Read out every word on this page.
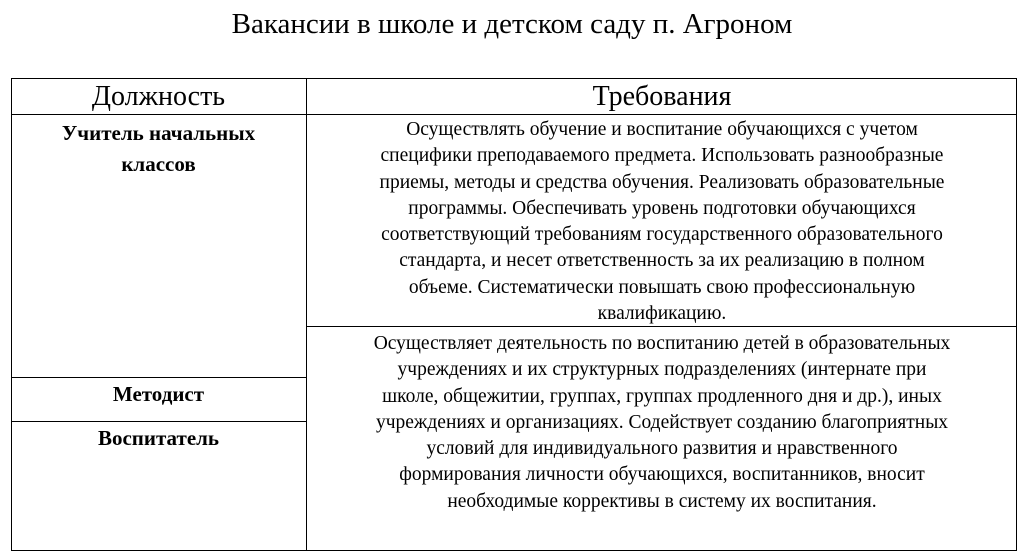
Вакансии в школе и детском саду п. Агроном
Должность	Требования
Учитель начальных
классов
Методист
Воспитатель
Осуществлять обучение и воспитание обучающихся с учетом
специфики преподаваемого предмета. Использовать разнообразные
приемы, методы и средства обучения. Реализовать образовательные
программы. Обеспечивать уровень подготовки обучающихся
соответствующий требованиям государственного образовательного
стандарта, и несет ответственность за их реализацию в полном
объеме. Систематически повышать свою профессиональную
квалификацию.
Осуществляет деятельность по воспитанию детей в образовательных
учреждениях и их структурных подразделениях (интернате при
школе, общежитии, группах, группах продленного дня и др.), иных
учреждениях и организациях. Содействует созданию благоприятных
условий для индивидуального развития и нравственного
формирования личности обучающихся, воспитанников, вносит
необходимые коррективы в систему их воспитания.
